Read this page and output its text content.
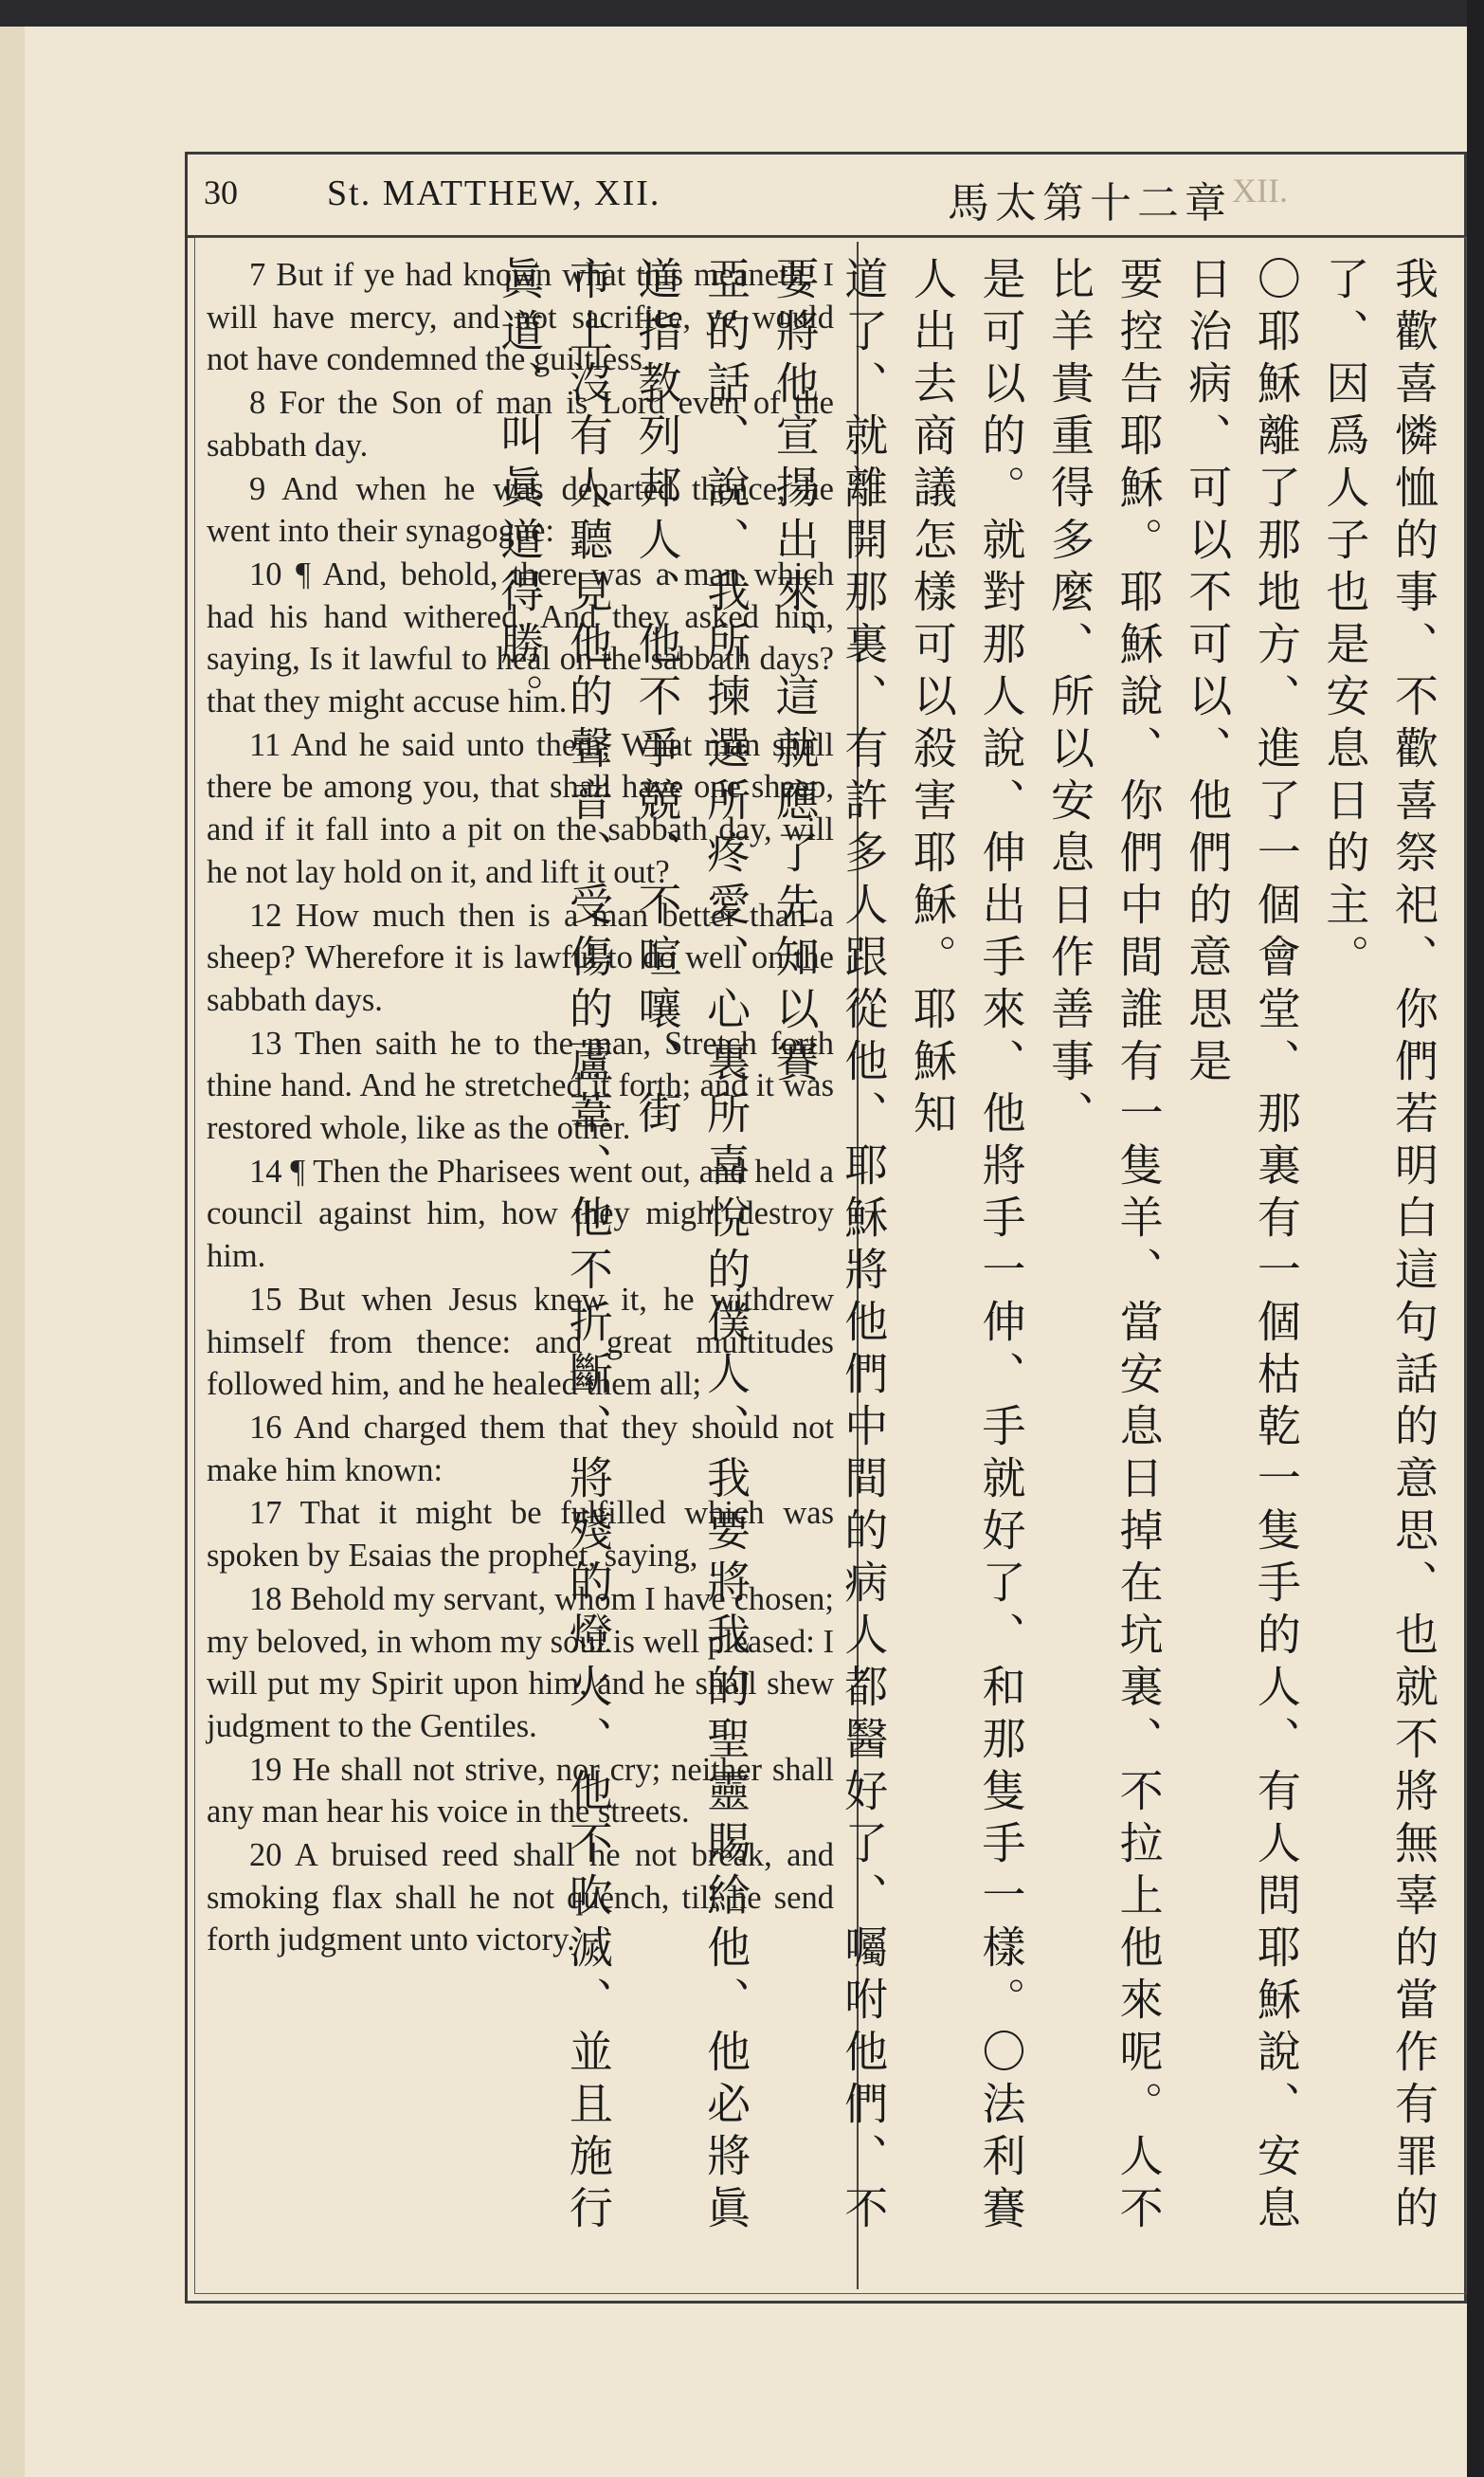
XII.
30 St. MATTHEW, XII.	馬太第十二章

7 But if ye had known what this meaneth, I will have mercy, and not sacrifice, ye would not have condemned the guiltless.

8 For the Son of man is Lord even of the sabbath day.

9 And when he was departed thence, he went into their synagogue:

10 ¶ And, behold, there was a man which had his hand withered. And they asked him, saying, Is it lawful to heal on the sabbath days? that they might accuse him.

11 And he said unto them, What man shall there be among you, that shall have one sheep, and if it fall into a pit on the sabbath day, will he not lay hold on it, and lift it out?

12 How much then is a man better than a sheep? Wherefore it is lawful to do well on the sabbath days.

13 Then saith he to the man, Stretch forth thine hand. And he stretched it forth; and it was restored whole, like as the other.

14 ¶ Then the Pharisees went out, and held a council against him, how they might destroy him.

15 But when Jesus knew it, he withdrew himself from thence: and great multitudes followed him, and he healed them all;

16 And charged them that they should not make him known:

17 That it might be fulfilled which was spoken by Esaias the prophet, saying,

18 Behold my servant, whom I have chosen; my beloved, in whom my soul is well pleased: I will put my Spirit upon him, and he shall shew judgment to the Gentiles.

19 He shall not strive, nor cry; neither shall any man hear his voice in the streets.

20 A bruised reed shall he not break, and smoking flax shall he not quench, till he send forth judgment unto victory.	我歡喜憐恤的事、不歡喜祭祀、你們若明白這句話的意思、也就不將無辜的當作有罪的了、因爲人子也是安息日的主。

〇耶穌離了那地方、進了一個會堂、那裏有一個枯乾一隻手的人、有人問耶穌說、安息日治病、可以不可以、他們的意思是

要控告耶穌。耶穌說、你們中間誰有一隻羊、當安息日掉在坑裏、不拉上他來呢。人不比羊貴重得多麼、所以安息日作善事、

是可以的。就對那人說、伸出手來、他將手一伸、手就好了、和那隻手一樣。〇法利賽人出去商議怎樣可以殺害耶穌。耶穌知

道了、就離開那裏、有許多人跟從他、耶穌將他們中間的病人都醫好了、囑咐他們、不要將他宣揚出來、這就應了先知以賽

亞的話、說、我所揀選所疼愛、心裏所喜悅的僕人、我要將我的聖靈賜給他、他必將眞道指教列邦人、他不爭競、不喧嚷、街

市上沒有人聽見他的聲音、受傷的蘆葦、他不折斷、將殘的燈火、他不吹滅、並且施行眞道、叫眞道得勝。
